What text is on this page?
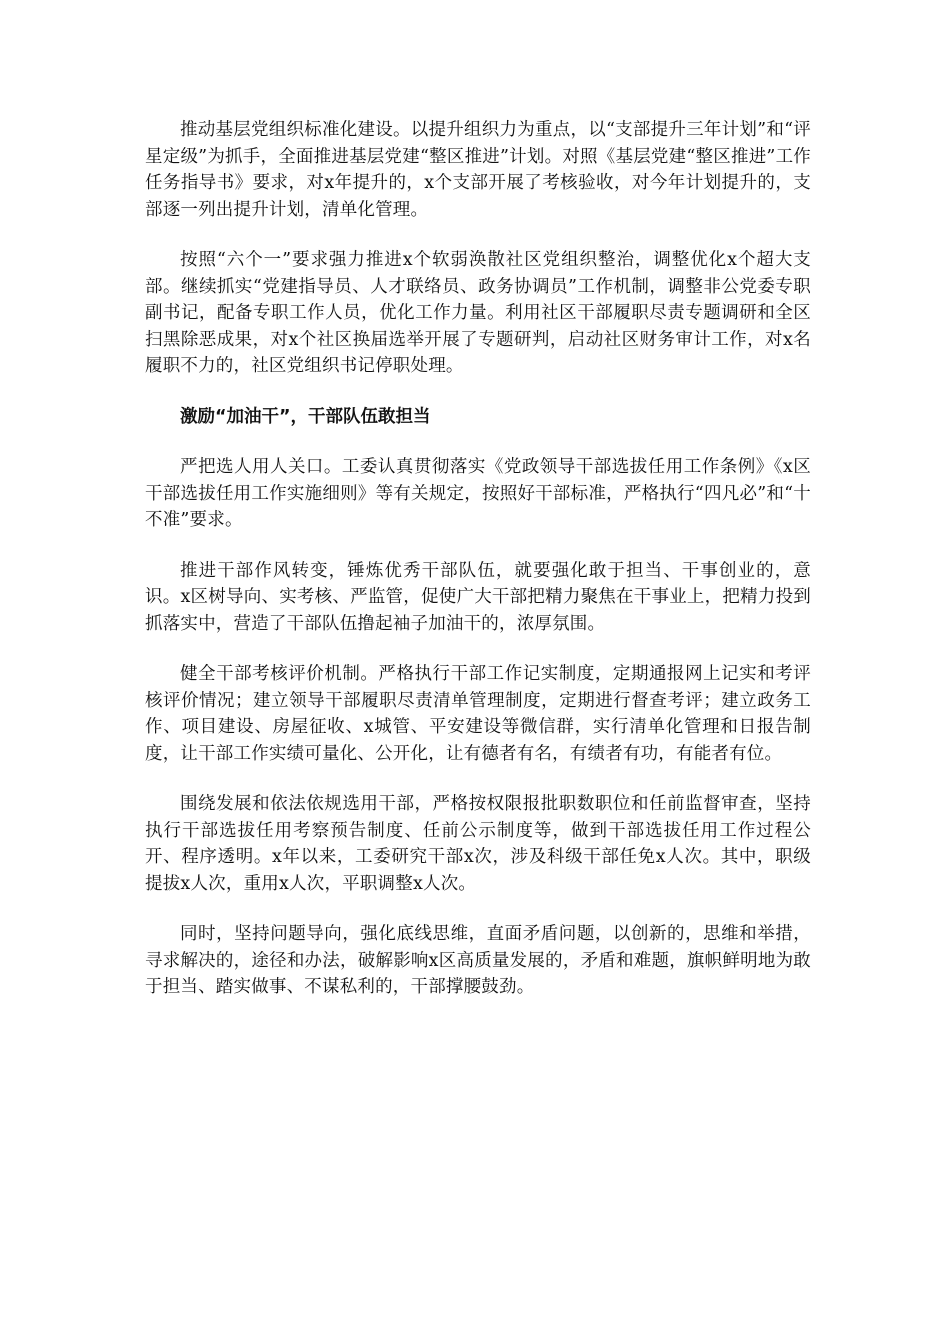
推动基层党组织标准化建设。以提升组织力为重点，以“支部提升三年计划”和“评星定级”为抓手，全面推进基层党建“整区推进”计划。对照《基层党建“整区推进”工作任务指导书》要求，对x年提升的，x个支部开展了考核验收，对今年计划提升的，支部逐一列出提升计划，清单化管理。

按照“六个一”要求强力推进x个软弱涣散社区党组织整治，调整优化x个超大支部。继续抓实“党建指导员、人才联络员、政务协调员”工作机制，调整非公党委专职副书记，配备专职工作人员，优化工作力量。利用社区干部履职尽责专题调研和全区扫黑除恶成果，对x个社区换届选举开展了专题研判，启动社区财务审计工作，对x名履职不力的，社区党组织书记停职处理。

激励“加油干”，干部队伍敢担当

严把选人用人关口。工委认真贯彻落实《党政领导干部选拔任用工作条例》《x区干部选拔任用工作实施细则》等有关规定，按照好干部标准，严格执行“四凡必”和“十不准”要求。

推进干部作风转变，锤炼优秀干部队伍，就要强化敢于担当、干事创业的，意识。x区树导向、实考核、严监管，促使广大干部把精力聚焦在干事业上，把精力投到抓落实中，营造了干部队伍撸起袖子加油干的，浓厚氛围。

健全干部考核评价机制。严格执行干部工作记实制度，定期通报网上记实和考评核评价情况；建立领导干部履职尽责清单管理制度，定期进行督查考评；建立政务工作、项目建设、房屋征收、x城管、平安建设等微信群，实行清单化管理和日报告制度，让干部工作实绩可量化、公开化，让有德者有名，有绩者有功，有能者有位。

围绕发展和依法依规选用干部，严格按权限报批职数职位和任前监督审查，坚持执行干部选拔任用考察预告制度、任前公示制度等，做到干部选拔任用工作过程公开、程序透明。x年以来，工委研究干部x次，涉及科级干部任免x人次。其中，职级提拔x人次，重用x人次，平职调整x人次。

同时，坚持问题导向，强化底线思维，直面矛盾问题，以创新的，思维和举措，寻求解决的，途径和办法，破解影响x区高质量发展的，矛盾和难题，旗帜鲜明地为敢于担当、踏实做事、不谋私利的，干部撑腰鼓劲。
